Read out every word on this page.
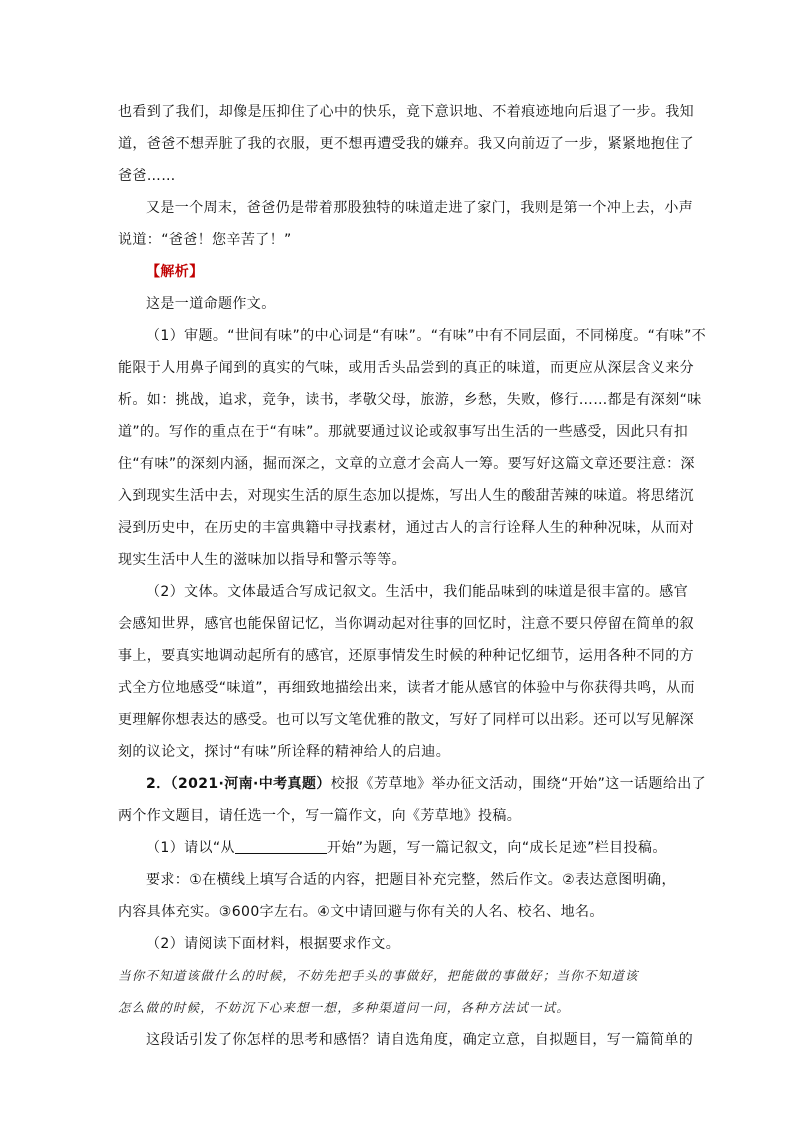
也看到了我们，却像是压抑住了心中的快乐，竟下意识地、不着痕迹地向后退了一步。我知

道，爸爸不想弄脏了我的衣服，更不想再遭受我的嫌弃。我又向前迈了一步，紧紧地抱住了

爸爸……

又是一个周末，爸爸仍是带着那股独特的味道走进了家门，我则是第一个冲上去，小声

说道：“爸爸！您辛苦了！”

【解析】

这是一道命题作文。

（1）审题。“世间有味”的中心词是“有味”。“有味”中有不同层面，不同梯度。“有味”不

能限于人用鼻子闻到的真实的气味，或用舌头品尝到的真正的味道，而更应从深层含义来分

析。如：挑战，追求，竞争，读书，孝敬父母，旅游，乡愁，失败，修行……都是有深刻“味

道”的。写作的重点在于“有味”。那就要通过议论或叙事写出生活的一些感受，因此只有扣

住“有味”的深刻内涵，掘而深之，文章的立意才会高人一筹。要写好这篇文章还要注意：深

入到现实生活中去，对现实生活的原生态加以提炼，写出人生的酸甜苦辣的味道。将思绪沉

浸到历史中，在历史的丰富典籍中寻找素材，通过古人的言行诠释人生的种种况味，从而对

现实生活中人生的滋味加以指导和警示等等。

（2）文体。文体最适合写成记叙文。生活中，我们能品味到的味道是很丰富的。感官

会感知世界，感官也能保留记忆，当你调动起对往事的回忆时，注意不要只停留在简单的叙

事上，要真实地调动起所有的感官，还原事情发生时候的种种记忆细节，运用各种不同的方

式全方位地感受“味道”，再细致地描绘出来，读者才能从感官的体验中与你获得共鸣，从而

更理解你想表达的感受。也可以写文笔优雅的散文，写好了同样可以出彩。还可以写见解深

刻的议论文，探讨“有味”所诠释的精神给人的启迪。

2．（2021·河南·中考真题）校报《芳草地》举办征文活动，围绕“开始”这一话题给出了

两个作文题目，请任选一个，写一篇作文，向《芳草地》投稿。

（1）请以“从	开始”为题，写一篇记叙文，向“成长足迹”栏目投稿。

要求：①在横线上填写合适的内容，把题目补充完整，然后作文。②表达意图明确，

内容具体充实。③600字左右。④文中请回避与你有关的人名、校名、地名。

（2）请阅读下面材料，根据要求作文。

当你不知道该做什么的时候，不妨先把手头的事做好，把能做的事做好；当你不知道该

怎么做的时候，不妨沉下心来想一想，多种渠道问一问，各种方法试一试。

这段话引发了你怎样的思考和感悟？请自选角度，确定立意，自拟题目，写一篇简单的
